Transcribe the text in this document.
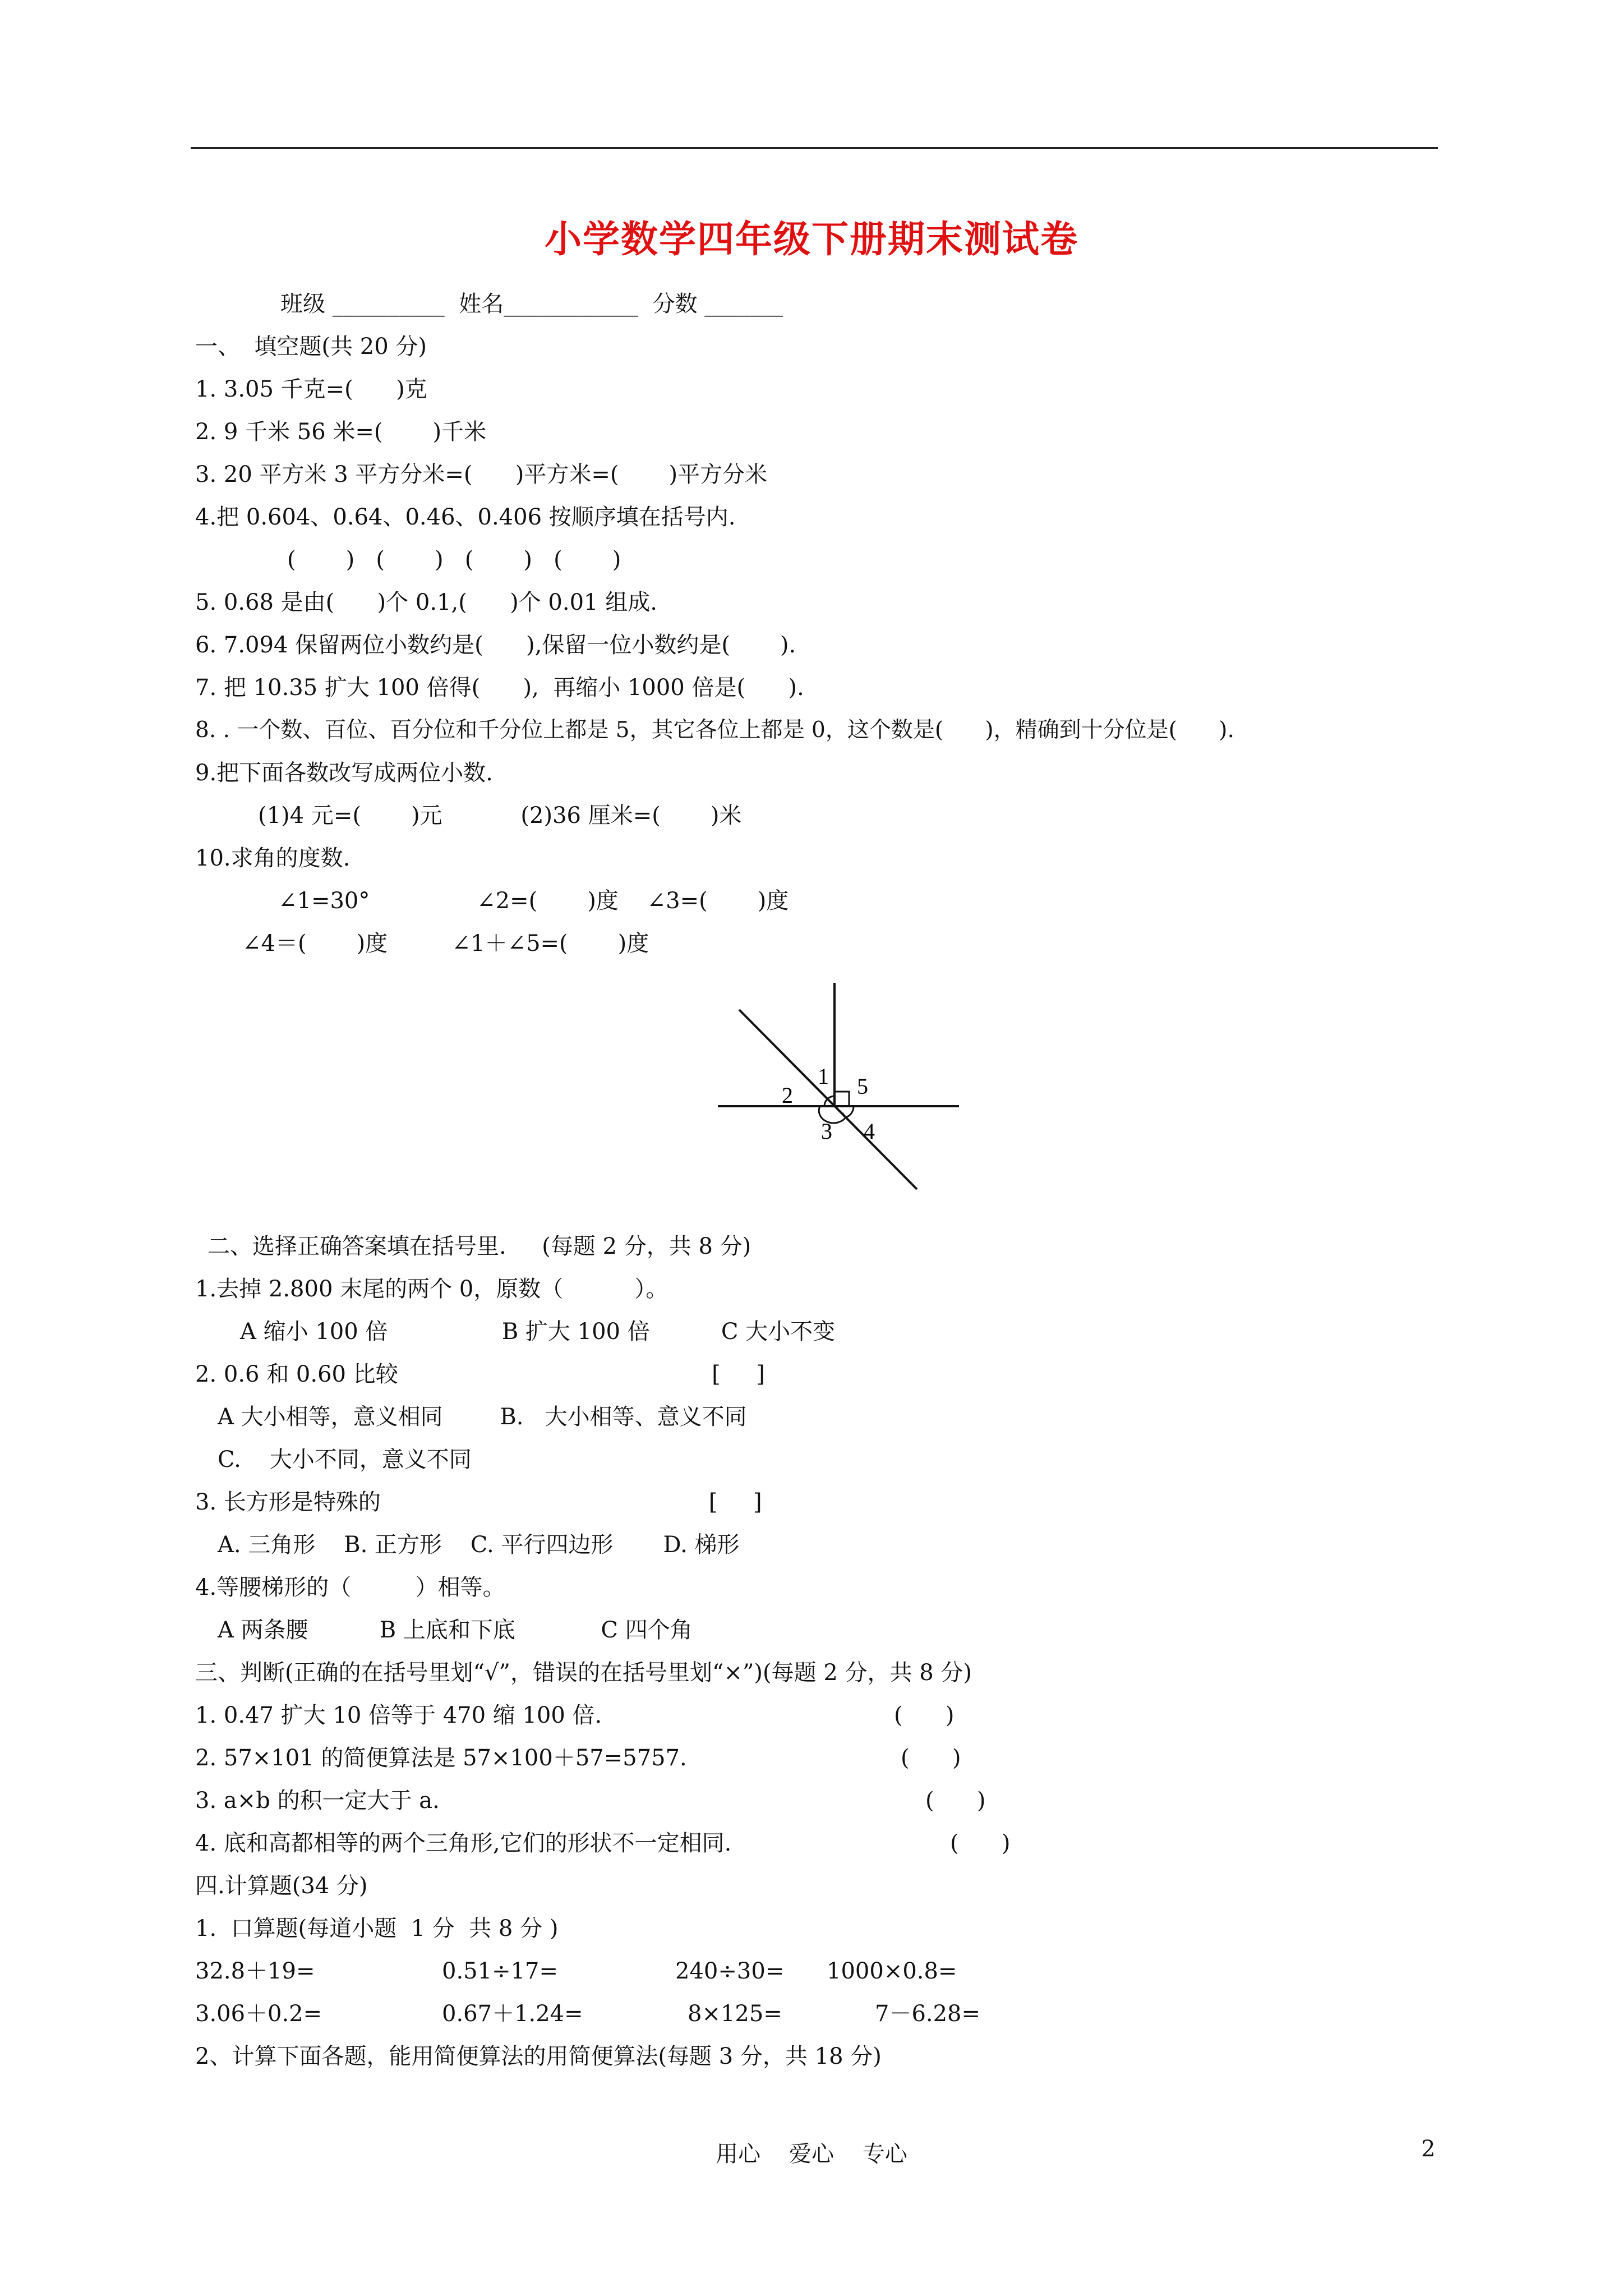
小学数学四年级下册期末测试卷
班级 __________  姓名____________  分数 _______
一、  填空题(共 20 分)
1. 3.05 千克=(      )克
2. 9 千米 56 米=(       )千米
3. 20 平方米 3 平方分米=(      )平方米=(       )平方分米
4.把 0.604、0.64、0.46、0.406 按顺序填在括号内.
(       )   (       )   (       )   (       )
5. 0.68 是由(      )个 0.1,(      )个 0.01 组成.
6. 7.094 保留两位小数约是(      ),保留一位小数约是(       ).
7. 把 10.35 扩大 100 倍得(      ),  再缩小 1000 倍是(      ).
8. . 一个数、百位、百分位和千分位上都是 5，其它各位上都是 0，这个数是(      )，精确到十分位是(      ).
9.把下面各数改写成两位小数.
(1)4 元=(       )元           (2)36 厘米=(       )米
10.求角的度数.
∠1=30°               ∠2=(       )度    ∠3=(       )度
∠4＝(       )度         ∠1＋∠5=(       )度
1
2
3 4
5
二、选择正确答案填在括号里.     (每题 2 分，共 8 分)
1.去掉 2.800 末尾的两个 0，原数（          ）。
A 缩小 100 倍                B 扩大 100 倍          C 大小不变
2. 0.6 和 0.60 比较                                            [     ]
A 大小相等，意义相同        B.   大小相等、意义不同
C.    大小不同，意义不同
3. 长方形是特殊的                                              [     ]
A. 三角形    B. 正方形    C. 平行四边形       D. 梯形
4.等腰梯形的（         ）相等。
A 两条腰          B 上底和下底            C 四个角
三、判断(正确的在括号里划“√”，错误的在括号里划“×”)(每题 2 分，共 8 分)
1. 0.47 扩大 10 倍等于 470 缩 100 倍.	(      )
2. 57×101 的简便算法是 57×100＋57=5757.	(      )
3. a×b 的积一定大于 a.	(      )
4. 底和高都相等的两个三角形,它们的形状不一定相同.	(      )
四.计算题(34 分)
1.  口算题(每道小题  1 分  共 8 分 )
32.8＋19=	0.51÷17=	240÷30= 1000×0.8=
3.06＋0.2=	0.67＋1.24=	8×125=	7－6.28=
2、计算下面各题，能用简便算法的用简便算法(每题 3 分，共 18 分)
用心    爱心    专心	2
